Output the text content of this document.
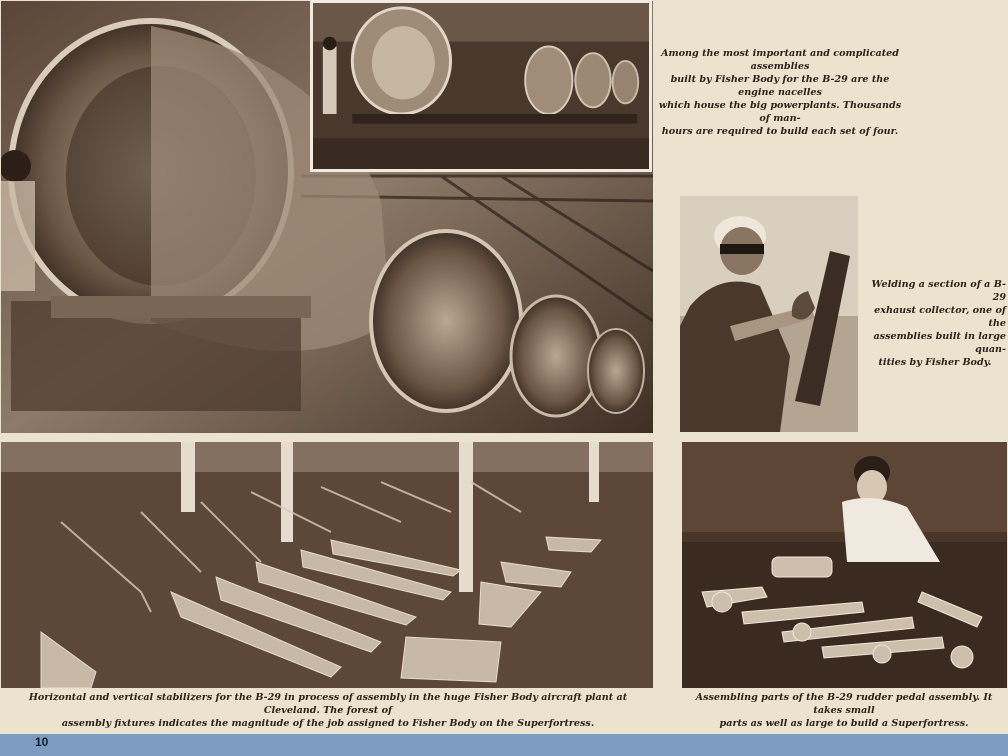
Among the most important and complicated assemblies
built by Fisher Body for the B-29 are the engine nacelles
which house the big powerplants. Thousands of man-
hours are required to build each set of four.
Welding a section of a B-29
exhaust collector, one of the
assemblies built in large quan-
tities by Fisher Body.
Horizontal and vertical stabilizers for the B-29 in process of assembly in the huge Fisher Body aircraft plant at Cleveland. The forest of
assembly fixtures indicates the magnitude of the job assigned to Fisher Body on the Superfortress.
Assembling parts of the B-29 rudder pedal assembly. It takes small
parts as well as large to build a Superfortress.
10
